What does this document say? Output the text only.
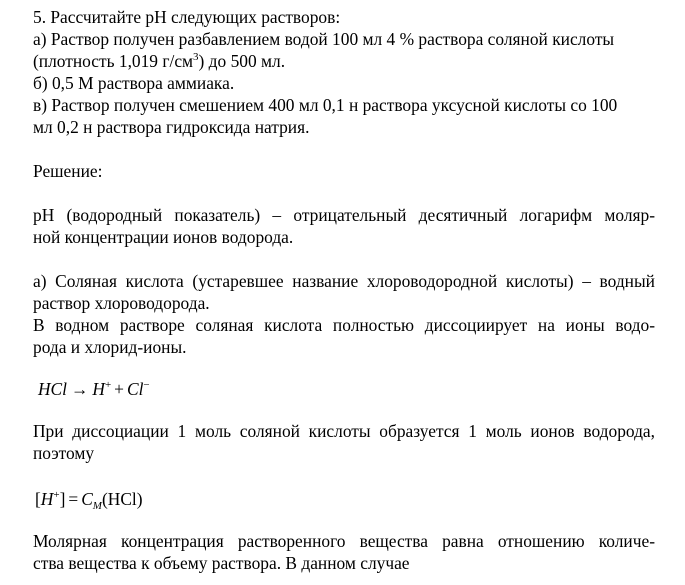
5. Рассчитайте pH следующих растворов:
а) Раствор получен разбавлением водой 100 мл 4 % раствора соляной кислоты
(плотность 1,019 $г/см^3$) до 500 мл.
б) 0,5 М раствора аммиака.
в) Раствор получен смешением 400 мл 0,1 н раствора уксусной кислоты со 100
мл 0,2 н раствора гидроксида натрия.
Решение:
pH (водородный показатель) – отрицательный десятичный логарифм моляр-
ной концентрации ионов водорода.
а) Соляная кислота (устаревшее название хлороводородной кислоты) – водный
раствор хлороводорода.
В водном растворе соляная кислота полностью диссоциирует на ионы водо-
рода и хлорид-ионы.
HCl → H+ + Cl−
При диссоциации 1 моль соляной кислоты образуется 1 моль ионов водорода,
поэтому
$[H^+] = C_M(HCl)$
Молярная концентрация растворенного вещества равна отношению количе-
ства вещества к объему раствора. В данном случае
